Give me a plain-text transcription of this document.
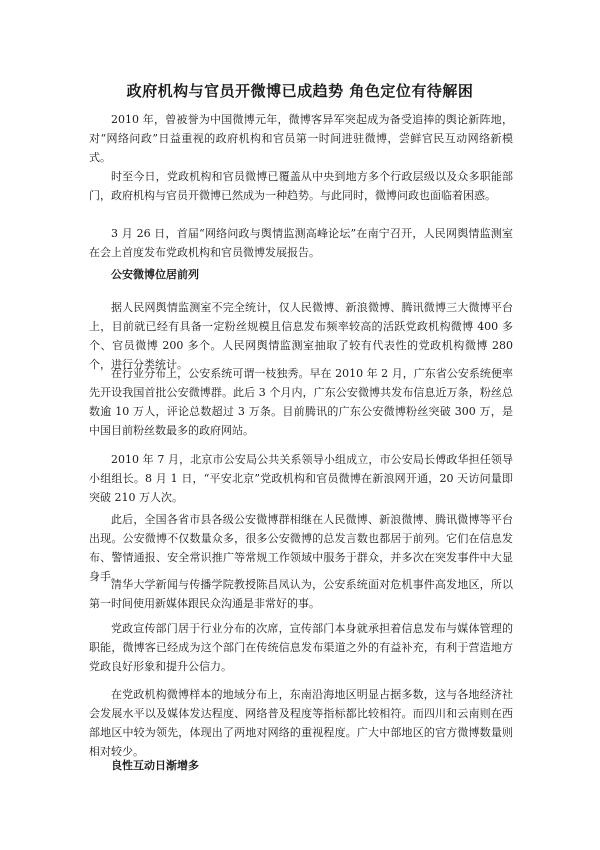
政府机构与官员开微博已成趋势 角色定位有待解困

2010 年，曾被誉为中国微博元年，微博客异军突起成为备受追捧的舆论新阵地，对“网络问政”日益重视的政府机构和官员第一时间进驻微博，尝鲜官民互动网络新模式。

时至今日，党政机构和官员微博已覆盖从中央到地方多个行政层级以及众多职能部门，政府机构与官员开微博已然成为一种趋势。与此同时，微博问政也面临着困惑。

3 月 26 日，首届“网络问政与舆情监测高峰论坛”在南宁召开，人民网舆情监测室在会上首度发布党政机构和官员微博发展报告。

公安微博位居前列

据人民网舆情监测室不完全统计，仅人民微博、新浪微博、腾讯微博三大微博平台上，目前就已经有具备一定粉丝规模且信息发布频率较高的活跃党政机构微博 400 多个、官员微博 200 多个。人民网舆情监测室抽取了较有代表性的党政机构微博 280 个，进行分类统计。

在行业分布上，公安系统可谓一枝独秀。早在 2010 年 2 月，广东省公安系统便率先开设我国首批公安微博群。此后 3 个月内，广东公安微博共发布信息近万条，粉丝总数逾 10 万人，评论总数超过 3 万条。目前腾讯的广东公安微博粉丝突破 300 万，是中国目前粉丝数最多的政府网站。

2010 年 7 月，北京市公安局公共关系领导小组成立，市公安局长傅政华担任领导小组组长。8 月 1 日，“平安北京”党政机构和官员微博在新浪网开通，20 天访问量即突破 210 万人次。

此后，全国各省市县各级公安微博群相继在人民微博、新浪微博、腾讯微博等平台出现。公安微博不仅数量众多，很多公安微博的总发言数也都居于前列。它们在信息发布、警情通报、安全常识推广等常规工作领域中服务于群众，并多次在突发事件中大显身手。

清华大学新闻与传播学院教授陈昌凤认为，公安系统面对危机事件高发地区，所以第一时间使用新媒体跟民众沟通是非常好的事。

党政宣传部门居于行业分布的次席，宣传部门本身就承担着信息发布与媒体管理的职能，微博客已经成为这个部门在传统信息发布渠道之外的有益补充，有利于营造地方党政良好形象和提升公信力。

在党政机构微博样本的地域分布上，东南沿海地区明显占据多数，这与各地经济社会发展水平以及媒体发达程度、网络普及程度等指标都比较相符。而四川和云南则在西部地区中较为领先，体现出了两地对网络的重视程度。广大中部地区的官方微博数量则相对较少。

良性互动日渐增多
